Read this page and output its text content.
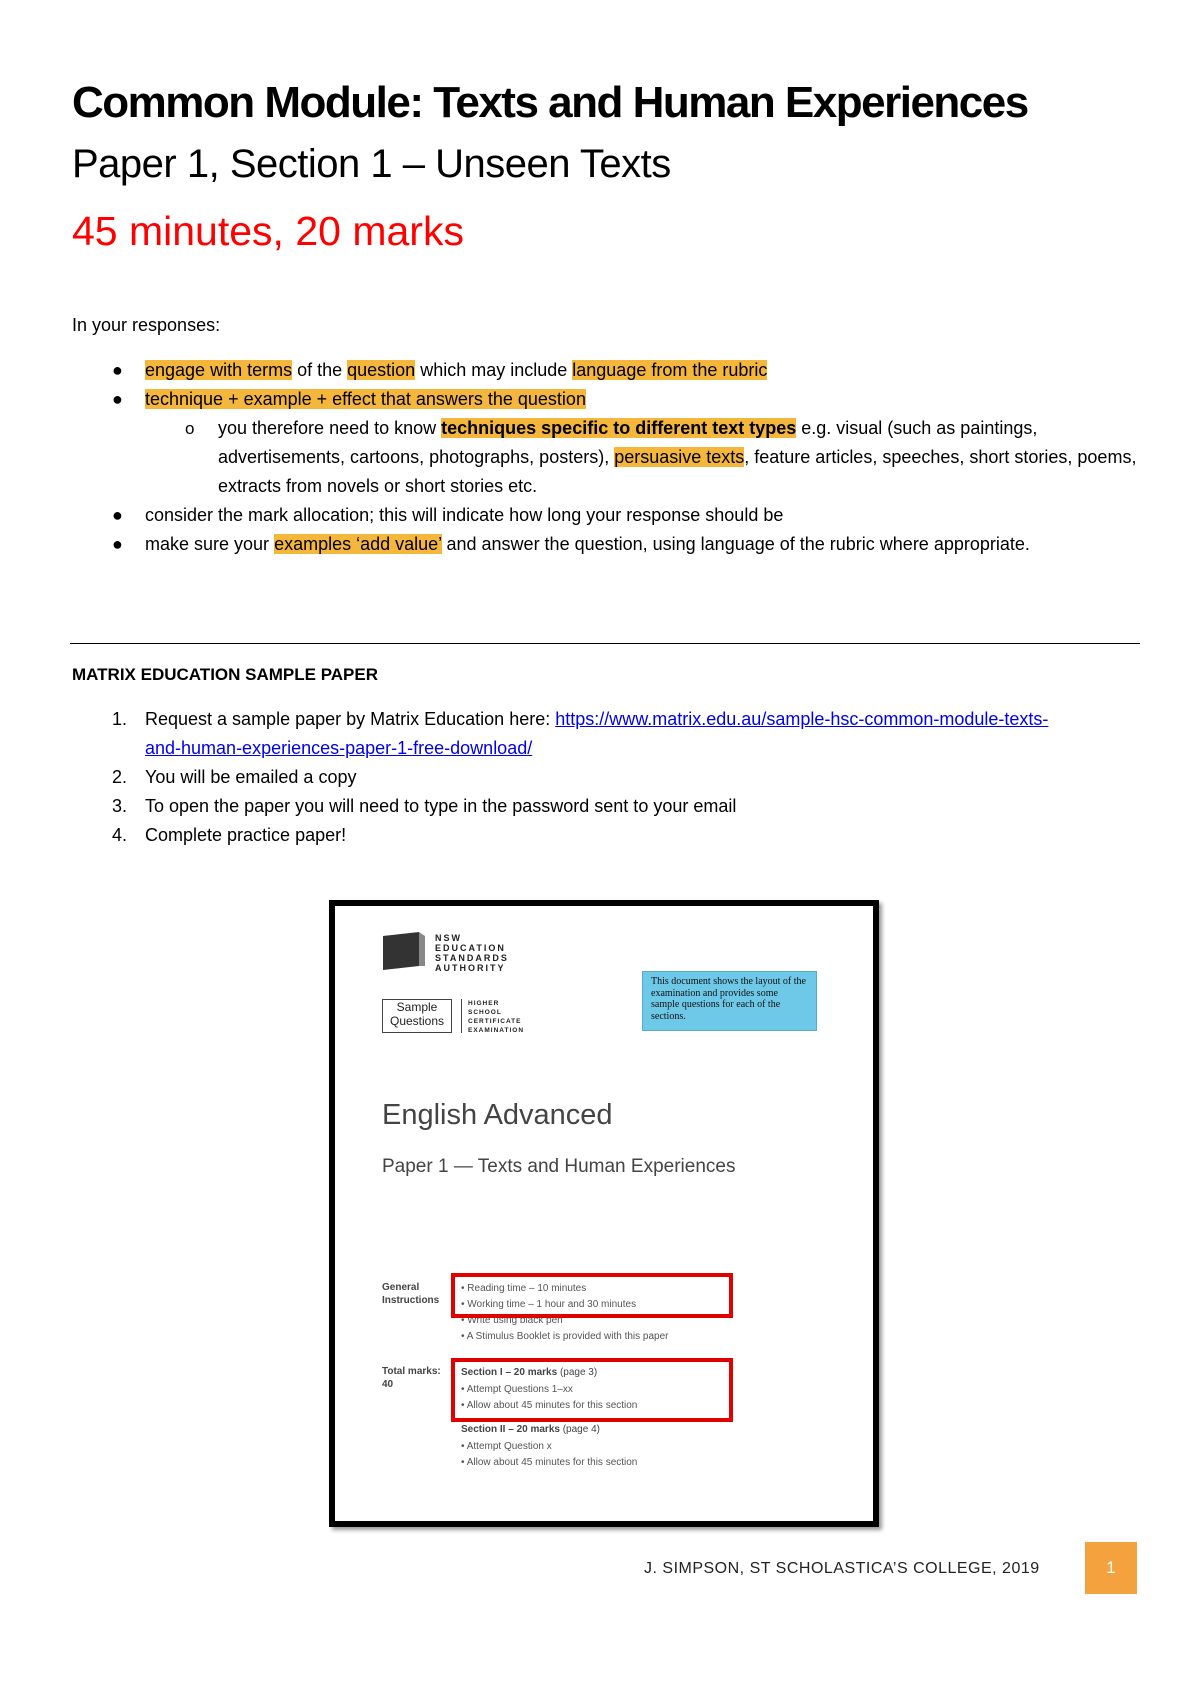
Common Module: Texts and Human Experiences
Paper 1, Section 1 – Unseen Texts
45 minutes, 20 marks
In your responses:
● engage with terms of the question which may include language from the rubric
● technique + example + effect that answers the question
o you therefore need to know techniques specific to different text types e.g. visual (such as paintings, advertisements, cartoons, photographs, posters), persuasive texts, feature articles, speeches, short stories, poems, extracts from novels or short stories etc.
● consider the mark allocation; this will indicate how long your response should be
● make sure your examples ‘add value’ and answer the question, using language of the rubric where appropriate.
MATRIX EDUCATION SAMPLE PAPER
1. Request a sample paper by Matrix Education here: https://www.matrix.edu.au/sample-hsc-common-module-texts-and-human-experiences-paper-1-free-download/
2. You will be emailed a copy
3. To open the paper you will need to type in the password sent to your email
4. Complete practice paper!
NSW
EDUCATION
STANDARDS
AUTHORITY
Sample
Questions
HIGHER
SCHOOL
CERTIFICATE
EXAMINATION
This document shows the layout of the examination and provides some sample questions for each of the sections.
English Advanced
Paper 1 — Texts and Human Experiences
General
Instructions
• Reading time – 10 minutes
• Working time – 1 hour and 30 minutes
• Write using black pen
• A Stimulus Booklet is provided with this paper
Total marks:
40
Section I – 20 marks (page 3)
• Attempt Questions 1–xx
• Allow about 45 minutes for this section
Section II – 20 marks (page 4)
• Attempt Question x
• Allow about 45 minutes for this section
J. SIMPSON, ST SCHOLASTICA’S COLLEGE, 2019	1
